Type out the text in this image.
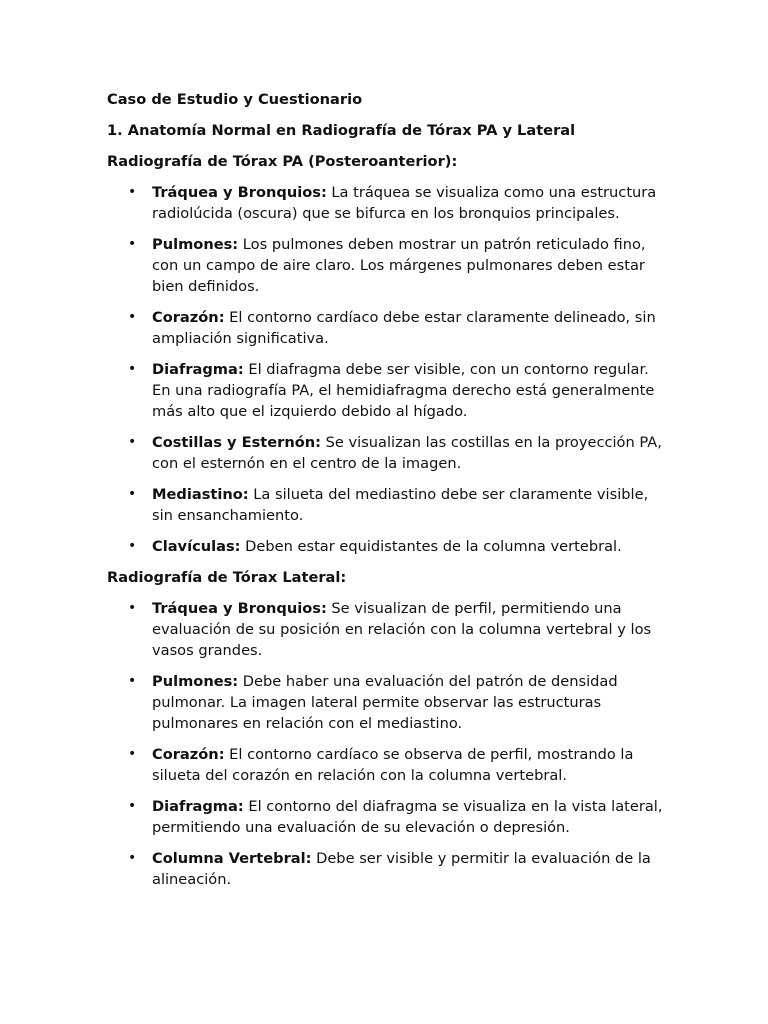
Caso de Estudio y Cuestionario
1. Anatomía Normal en Radiografía de Tórax PA y Lateral
Radiografía de Tórax PA (Posteroanterior):
• Tráquea y Bronquios: La tráquea se visualiza como una estructura radiolúcida (oscura) que se bifurca en los bronquios principales.
• Pulmones: Los pulmones deben mostrar un patrón reticulado fino, con un campo de aire claro. Los márgenes pulmonares deben estar bien definidos.
• Corazón: El contorno cardíaco debe estar claramente delineado, sin ampliación significativa.
• Diafragma: El diafragma debe ser visible, con un contorno regular. En una radiografía PA, el hemidiafragma derecho está generalmente más alto que el izquierdo debido al hígado.
• Costillas y Esternón: Se visualizan las costillas en la proyección PA, con el esternón en el centro de la imagen.
• Mediastino: La silueta del mediastino debe ser claramente visible, sin ensanchamiento.
• Clavículas: Deben estar equidistantes de la columna vertebral.
Radiografía de Tórax Lateral:
• Tráquea y Bronquios: Se visualizan de perfil, permitiendo una evaluación de su posición en relación con la columna vertebral y los vasos grandes.
• Pulmones: Debe haber una evaluación del patrón de densidad pulmonar. La imagen lateral permite observar las estructuras pulmonares en relación con el mediastino.
• Corazón: El contorno cardíaco se observa de perfil, mostrando la silueta del corazón en relación con la columna vertebral.
• Diafragma: El contorno del diafragma se visualiza en la vista lateral, permitiendo una evaluación de su elevación o depresión.
• Columna Vertebral: Debe ser visible y permitir la evaluación de la alineación.
